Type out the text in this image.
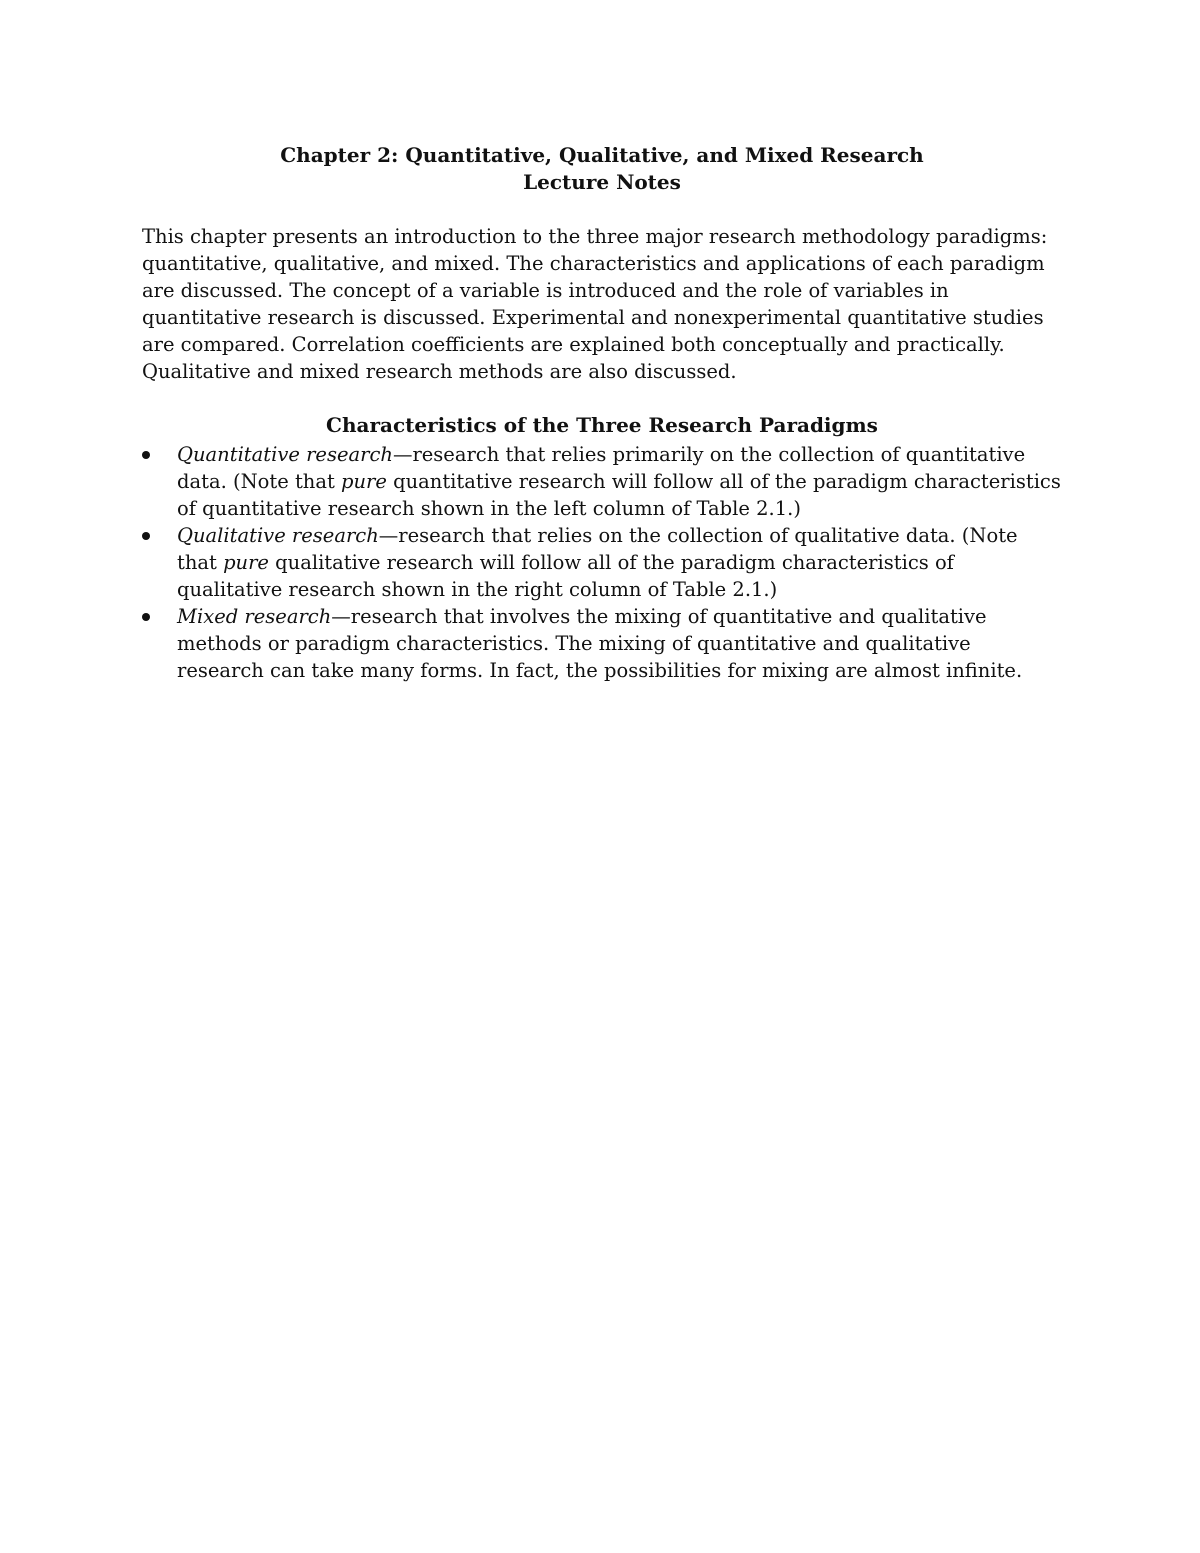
Chapter 2: Quantitative, Qualitative, and Mixed Research
Lecture Notes

This chapter presents an introduction to the three major research methodology paradigms: quantitative, qualitative, and mixed. The characteristics and applications of each paradigm are discussed. The concept of a variable is introduced and the role of variables in quantitative research is discussed. Experimental and nonexperimental quantitative studies are compared. Correlation coefficients are explained both conceptually and practically. Qualitative and mixed research methods are also discussed.

Characteristics of the Three Research Paradigms

Quantitative research—research that relies primarily on the collection of quantitative data. (Note that pure quantitative research will follow all of the paradigm characteristics of quantitative research shown in the left column of Table 2.1.)
Qualitative research—research that relies on the collection of qualitative data. (Note that pure qualitative research will follow all of the paradigm characteristics of qualitative research shown in the right column of Table 2.1.)
Mixed research—research that involves the mixing of quantitative and qualitative methods or paradigm characteristics. The mixing of quantitative and qualitative research can take many forms. In fact, the possibilities for mixing are almost infinite.
